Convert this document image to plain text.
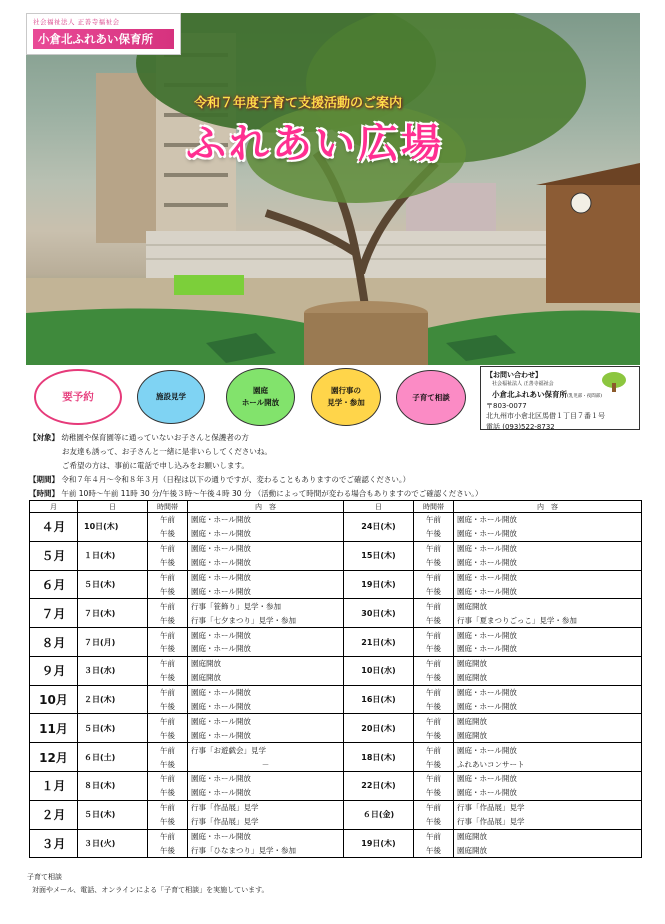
社会福祉法人 正善寺福祉会
小倉北ふれあい保育所
令和７年度子育て支援活動のご案内
ふれあい広場
要予約	施設見学
園庭
ホール開放
園行事の
見学・参加
子育て相談
【お問い合わせ】
社会福祉法人 正善寺福祉会
小倉北ふれあい保育所(乳児部・夜間部)
〒803-0077
北九州市小倉北区馬借１丁目７番１号
電話 (093)522-8732
【対象】 幼稚園や保育園等に通っていないお子さんと保護者の方
お友達も誘って、お子さんと一緒に是非いらしてくださいね。
ご希望の方は、事前に電話で申し込みをお願いします。
【期間】 令和７年４月～令和８年３月（日程は以下の通りですが、変わることもありますのでご確認ください。）
【時間】 午前 10時～午前 11時 30 分/午後３時～午後４時 30 分 （活動によって時間が変わる場合もありますのでご確認ください。）
月	日	時間帯	内　容	日	時間帯	内　容
４月	10日(木)	午前	園庭・ホール開放	24日(木)	午前	園庭・ホール開放
		午後	園庭・ホール開放		午後	園庭・ホール開放
５月	１日(木)	午前	園庭・ホール開放	15日(木)	午前	園庭・ホール開放
		午後	園庭・ホール開放		午後	園庭・ホール開放
６月	５日(木)	午前	園庭・ホール開放	19日(木)	午前	園庭・ホール開放
		午後	園庭・ホール開放		午後	園庭・ホール開放
７月	７日(木)	午前	行事「笹飾り」見学・参加	30日(木)	午前	園庭開放
		午後	行事「七夕まつり」見学・参加		午後	行事「夏まつりごっこ」見学・参加
８月	７日(月)	午前	園庭・ホール開放	21日(木)	午前	園庭・ホール開放
		午後	園庭・ホール開放		午後	園庭・ホール開放
９月	３日(水)	午前	園庭開放	10日(水)	午前	園庭開放
		午後	園庭開放		午後	園庭開放
10月	２日(木)	午前	園庭・ホール開放	16日(木)	午前	園庭・ホール開放
		午後	園庭・ホール開放		午後	園庭・ホール開放
11月	５日(木)	午前	園庭・ホール開放	20日(木)	午前	園庭開放
		午後	園庭・ホール開放		午後	園庭開放
12月	６日(土)	午前	行事「お遊戯会」見学	18日(木)	午前	園庭・ホール開放
		午後	－		午後	ふれあいコンサート
１月	８日(木)	午前	園庭・ホール開放	22日(木)	午前	園庭・ホール開放
		午後	園庭・ホール開放		午後	園庭・ホール開放
２月	５日(木)	午前	行事「作品展」見学	６日(金)	午前	行事「作品展」見学
		午後	行事「作品展」見学		午後	行事「作品展」見学
３月	３日(火)	午前	園庭・ホール開放	19日(木)	午前	園庭開放
		午後	行事「ひなまつり」見学・参加		午後	園庭開放
子育て相談
対面やメール、電話、オンラインによる「子育て相談」を実施しています。
